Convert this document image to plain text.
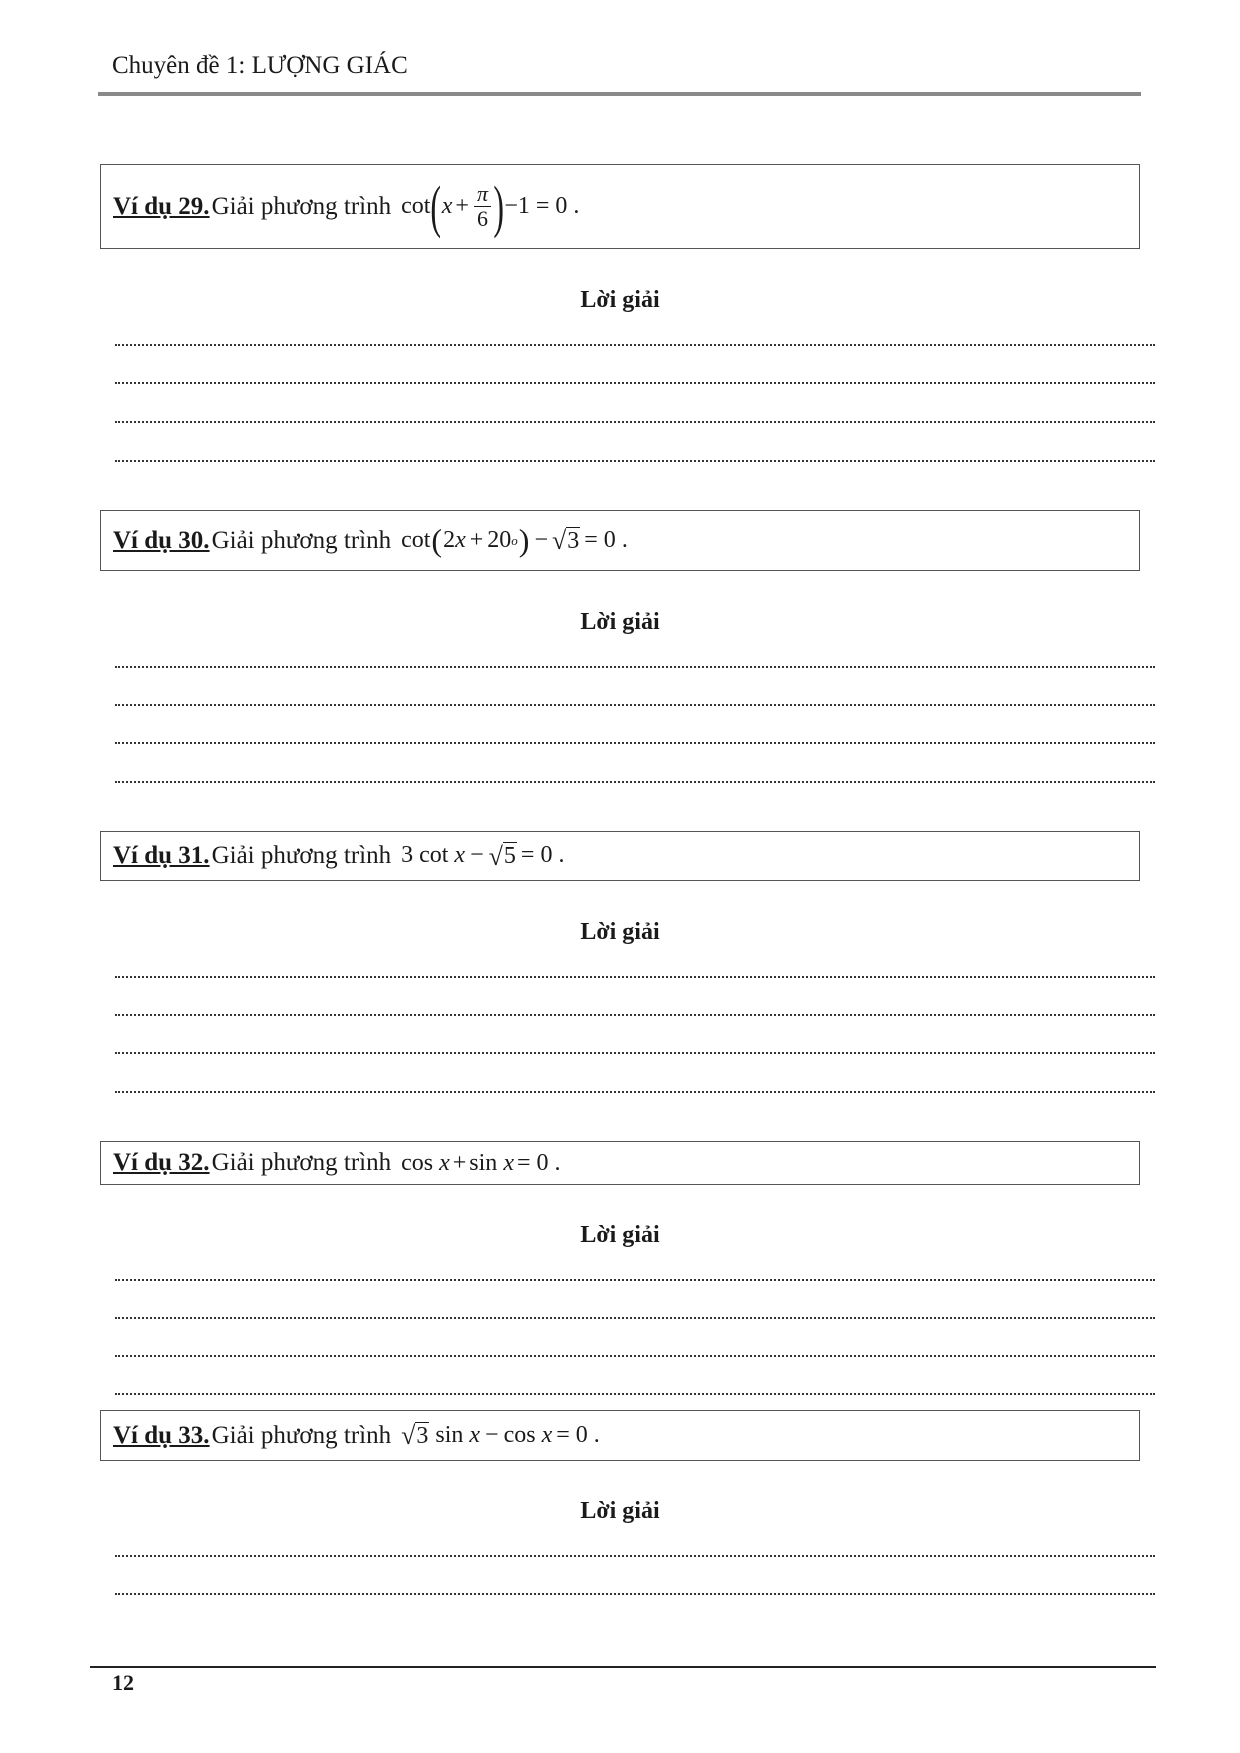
Chuyên đề 1: LƯỢNG GIÁC
Ví dụ 29. Giải phương trình cot ( $x + \frac{\pi}{6}$ ) −1 = 0 .
Lời giải
Ví dụ 30. Giải phương trình cot ( 2 x + 20 o ) − √ 3 = 0 .
Lời giải
Ví dụ 31. Giải phương trình 3
cot
x − √ 5 = 0 .
Lời giải
Ví dụ 32. Giải phương trình cos
x + sin
x = 0 .
Lời giải
Ví dụ 33. Giải phương trình √ 3
sin
x − cos
x = 0 .
Lời giải
12
